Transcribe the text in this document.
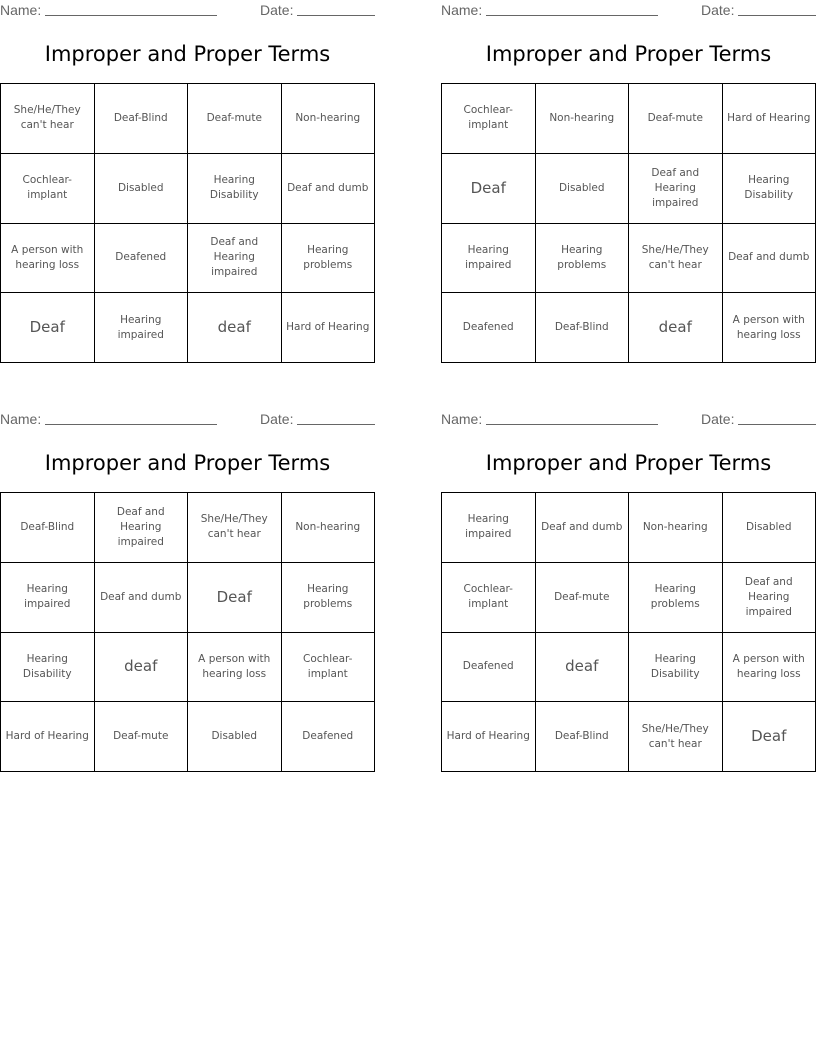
Name:	Date:
Improper and Proper Terms
She/He/They can't hear	Deaf-Blind	Deaf-mute	Non-hearing
Cochlear-implant	Disabled	Hearing Disability	Deaf and dumb
A person with hearing loss	Deafened	Deaf and Hearing impaired	Hearing problems
Deaf	Hearing impaired	deaf	Hard of Hearing
Name:	Date:
Improper and Proper Terms
Cochlear-implant	Non-hearing	Deaf-mute	Hard of Hearing
Deaf	Disabled	Deaf and Hearing impaired	Hearing Disability
Hearing impaired	Hearing problems	She/He/They can't hear	Deaf and dumb
Deafened	Deaf-Blind	deaf	A person with hearing loss
Name:	Date:
Improper and Proper Terms
Deaf-Blind	Deaf and Hearing impaired	She/He/They can't hear	Non-hearing
Hearing impaired	Deaf and dumb	Deaf	Hearing problems
Hearing Disability	deaf	A person with hearing loss	Cochlear-implant
Hard of Hearing	Deaf-mute	Disabled	Deafened
Name:	Date:
Improper and Proper Terms
Hearing impaired	Deaf and dumb	Non-hearing	Disabled
Cochlear-implant	Deaf-mute	Hearing problems	Deaf and Hearing impaired
Deafened	deaf	Hearing Disability	A person with hearing loss
Hard of Hearing	Deaf-Blind	She/He/They can't hear	Deaf
